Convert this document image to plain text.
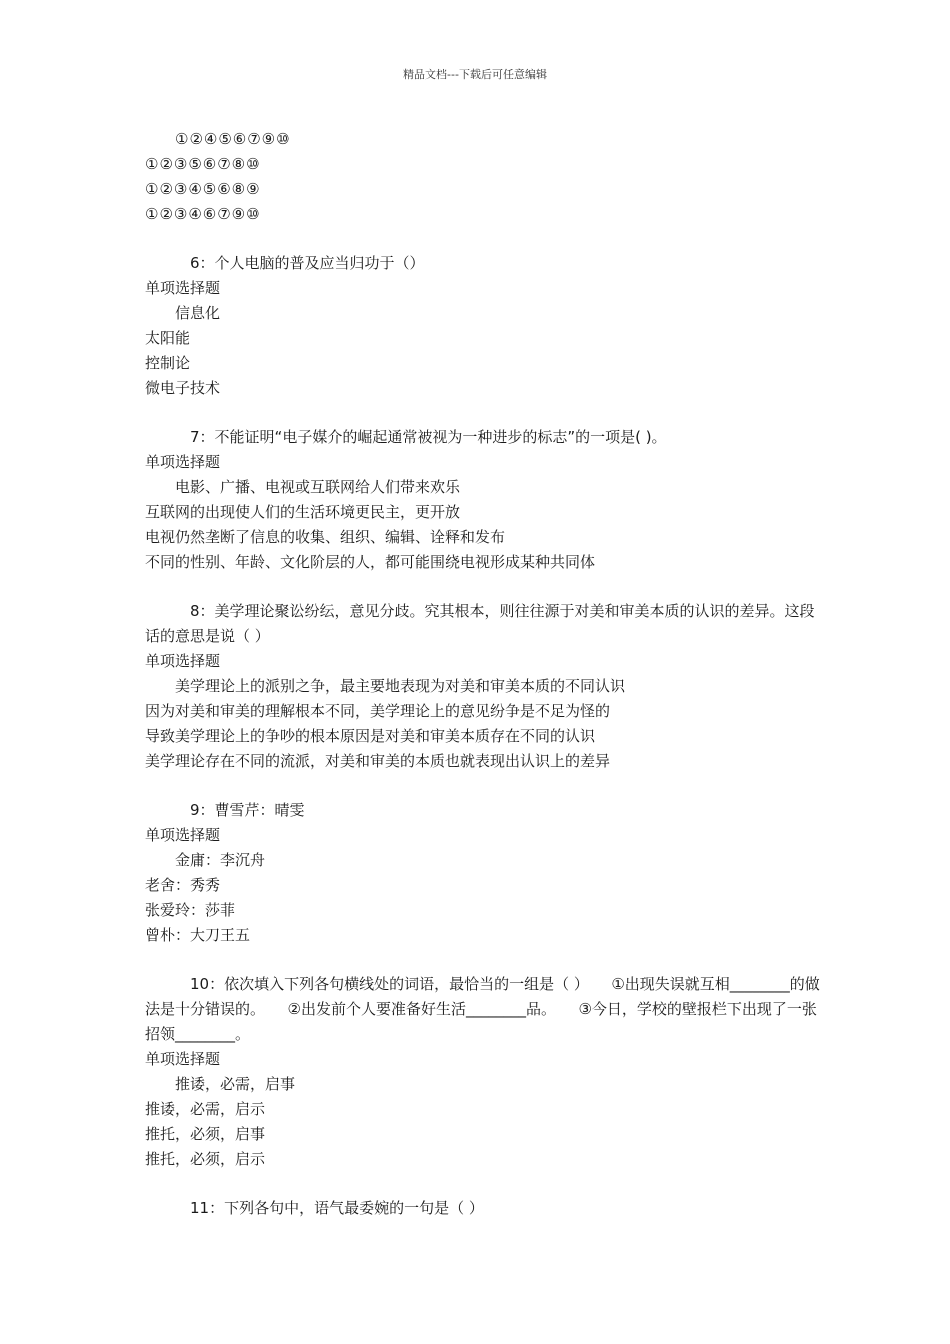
精品文档---下载后可任意编辑
①②④⑤⑥⑦⑨⑩
①②③⑤⑥⑦⑧⑩
①②③④⑤⑥⑧⑨
①②③④⑥⑦⑨⑩
6：个人电脑的普及应当归功于（）
单项选择题
信息化
太阳能
控制论
微电子技术
7：不能证明“电子媒介的崛起通常被视为一种进步的标志”的一项是( )。
单项选择题
电影、广播、电视或互联网给人们带来欢乐
互联网的出现使人们的生活环境更民主，更开放
电视仍然垄断了信息的收集、组织、编辑、诠释和发布
不同的性别、年龄、文化阶层的人，都可能围绕电视形成某种共同体
8：美学理论聚讼纷纭，意见分歧。究其根本，则往往源于对美和审美本质的认识的差异。这段话的意思是说（ ）
单项选择题
美学理论上的派别之争，最主要地表现为对美和审美本质的不同认识
因为对美和审美的理解根本不同，美学理论上的意见纷争是不足为怪的
导致美学理论上的争吵的根本原因是对美和审美本质存在不同的认识
美学理论存在不同的流派，对美和审美的本质也就表现出认识上的差异
9：曹雪芹：晴雯
单项选择题
金庸：李沉舟
老舍：秀秀
张爱玲：莎菲
曾朴：大刀王五
10：依次填入下列各句横线处的词语，最恰当的一组是（ ）　　①出现失误就互相________的做法是十分错误的。　　②出发前个人要准备好生活________品。　　③今日，学校的壁报栏下出现了一张招领________。
单项选择题
推诿，必需，启事
推诿，必需，启示
推托，必须，启事
推托，必须，启示
11：下列各句中，语气最委婉的一句是（ ）
